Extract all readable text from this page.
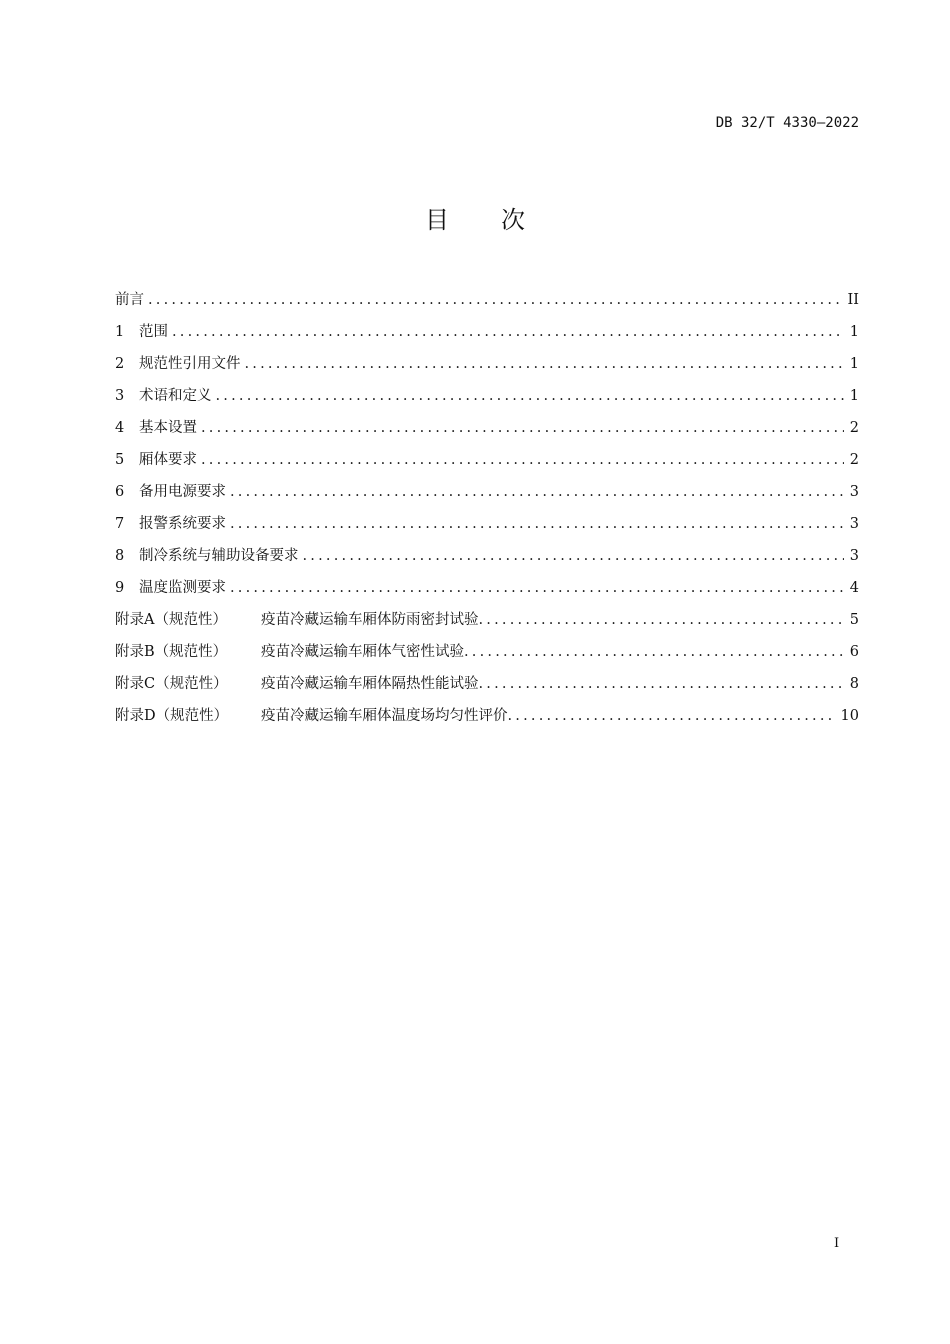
DB 32/T 4330—2022
目次
前言 .....	II
1	范围 .....	1
2	规范性引用文件 .....	1
3	术语和定义 .....	1
4	基本设置 .....	2
5	厢体要求 .....	2
6	备用电源要求 .....	3
7	报警系统要求 .....	3
8	制冷系统与辅助设备要求 .....	3
9	温度监测要求 .....	4
附录A（规范性）	疫苗冷藏运输车厢体防雨密封试验 .....	5
附录B（规范性）	疫苗冷藏运输车厢体气密性试验 .....	6
附录C（规范性）	疫苗冷藏运输车厢体隔热性能试验 .....	8
附录D（规范性）	疫苗冷藏运输车厢体温度场均匀性评价 .....	10
I
